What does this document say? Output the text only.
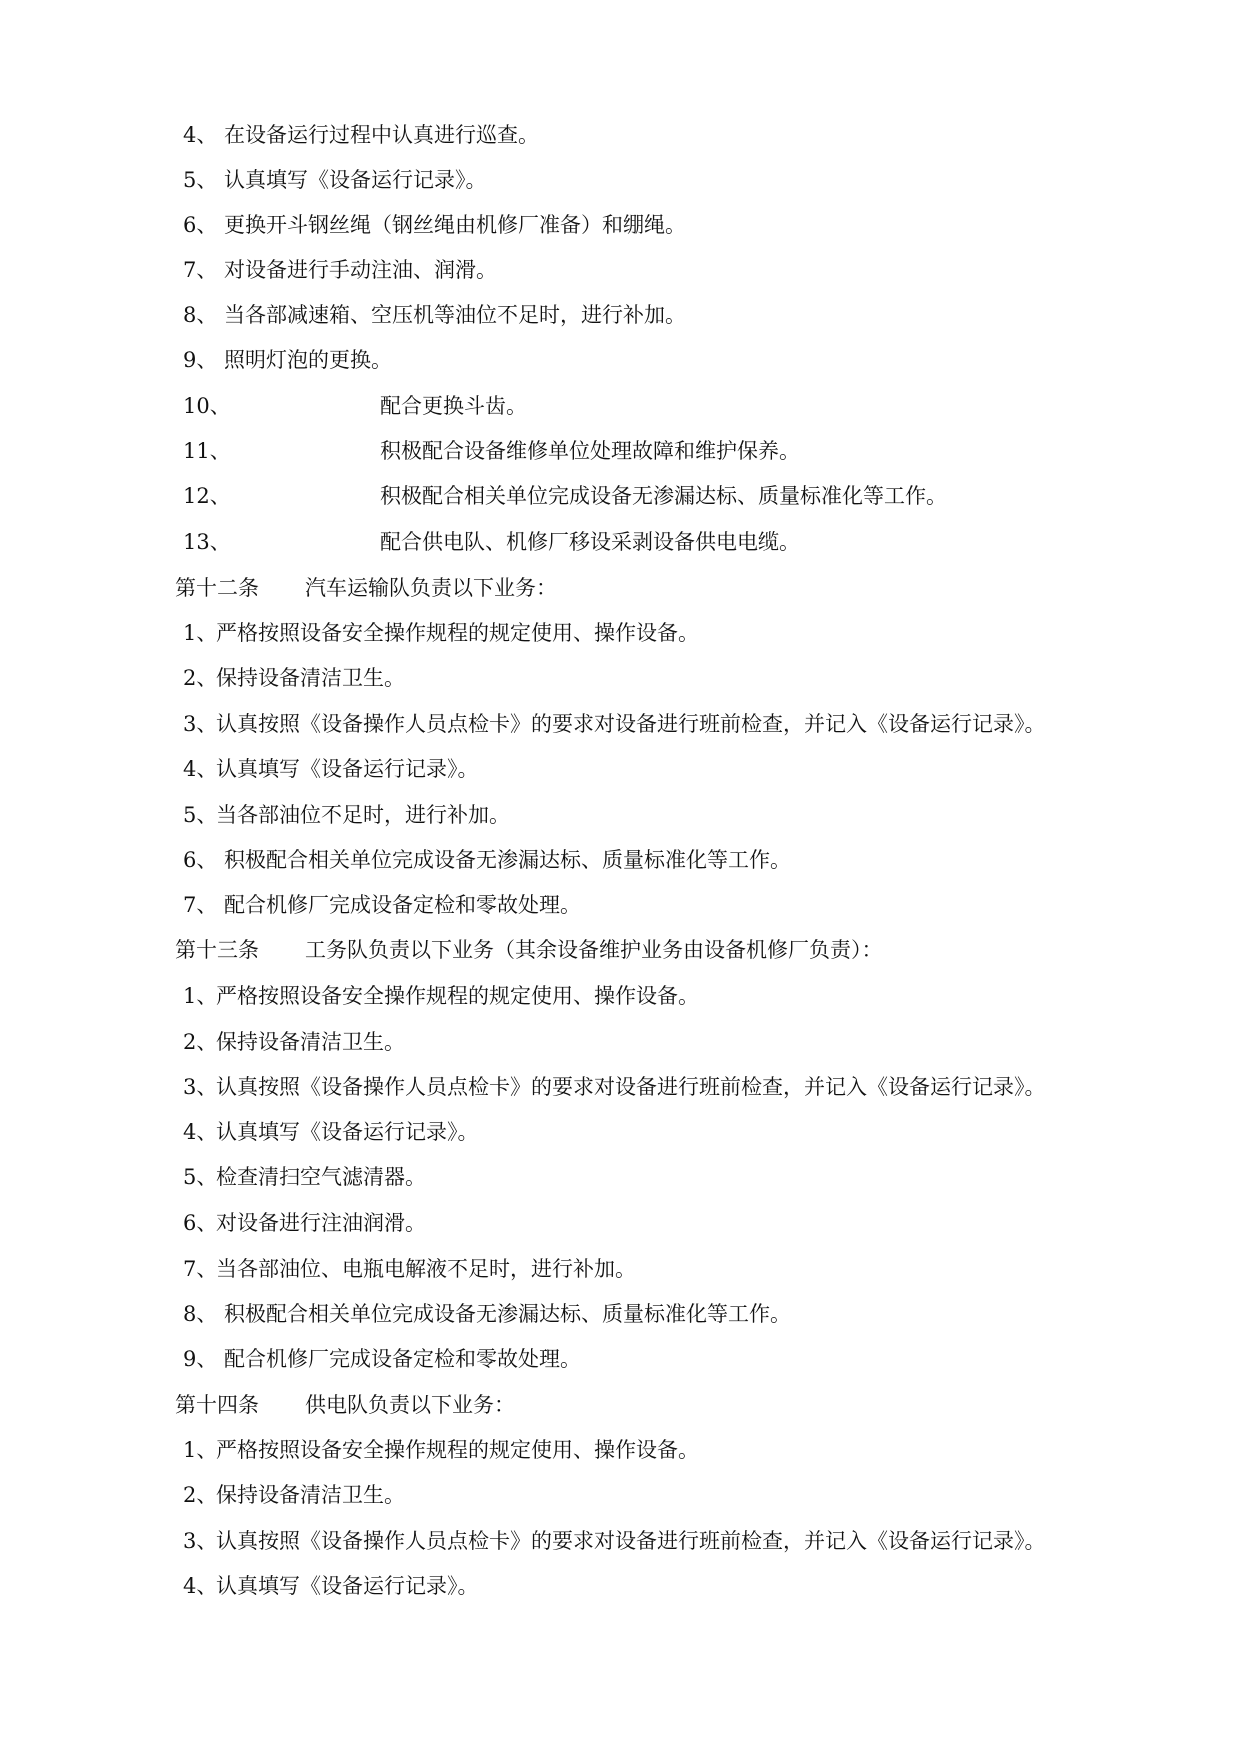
4、 在设备运行过程中认真进行巡查。
5、 认真填写《设备运行记录》。
6、 更换开斗钢丝绳（钢丝绳由机修厂准备）和绷绳。
7、 对设备进行手动注油、润滑。
8、 当各部减速箱、空压机等油位不足时，进行补加。
9、 照明灯泡的更换。
10、	配合更换斗齿。
11、	积极配合设备维修单位处理故障和维护保养。
12、	积极配合相关单位完成设备无渗漏达标、质量标准化等工作。
13、	配合供电队、机修厂移设采剥设备供电电缆。
第十二条 汽车运输队负责以下业务：
1、
严格按照设备安全操作规程的规定使用、操作设备。
2、
保持设备清洁卫生。
3、
认真按照《设备操作人员点检卡》的要求对设备进行班前检查，并记入《设备运行记录》。
4、
认真填写《设备运行记录》。
5、
当各部油位不足时，进行补加。
6、 积极配合相关单位完成设备无渗漏达标、质量标准化等工作。
7、 配合机修厂完成设备定检和零故处理。
第十三条 工务队负责以下业务（其余设备维护业务由设备机修厂负责）：
1、
严格按照设备安全操作规程的规定使用、操作设备。
2、
保持设备清洁卫生。
3、
认真按照《设备操作人员点检卡》的要求对设备进行班前检查，并记入《设备运行记录》。
4、
认真填写《设备运行记录》。
5、
检查清扫空气滤清器。
6、
对设备进行注油润滑。
7、
当各部油位、电瓶电解液不足时，进行补加。
8、 积极配合相关单位完成设备无渗漏达标、质量标准化等工作。
9、 配合机修厂完成设备定检和零故处理。
第十四条 供电队负责以下业务：
1、
严格按照设备安全操作规程的规定使用、操作设备。
2、
保持设备清洁卫生。
3、
认真按照《设备操作人员点检卡》的要求对设备进行班前检查，并记入《设备运行记录》。
4、
认真填写《设备运行记录》。
